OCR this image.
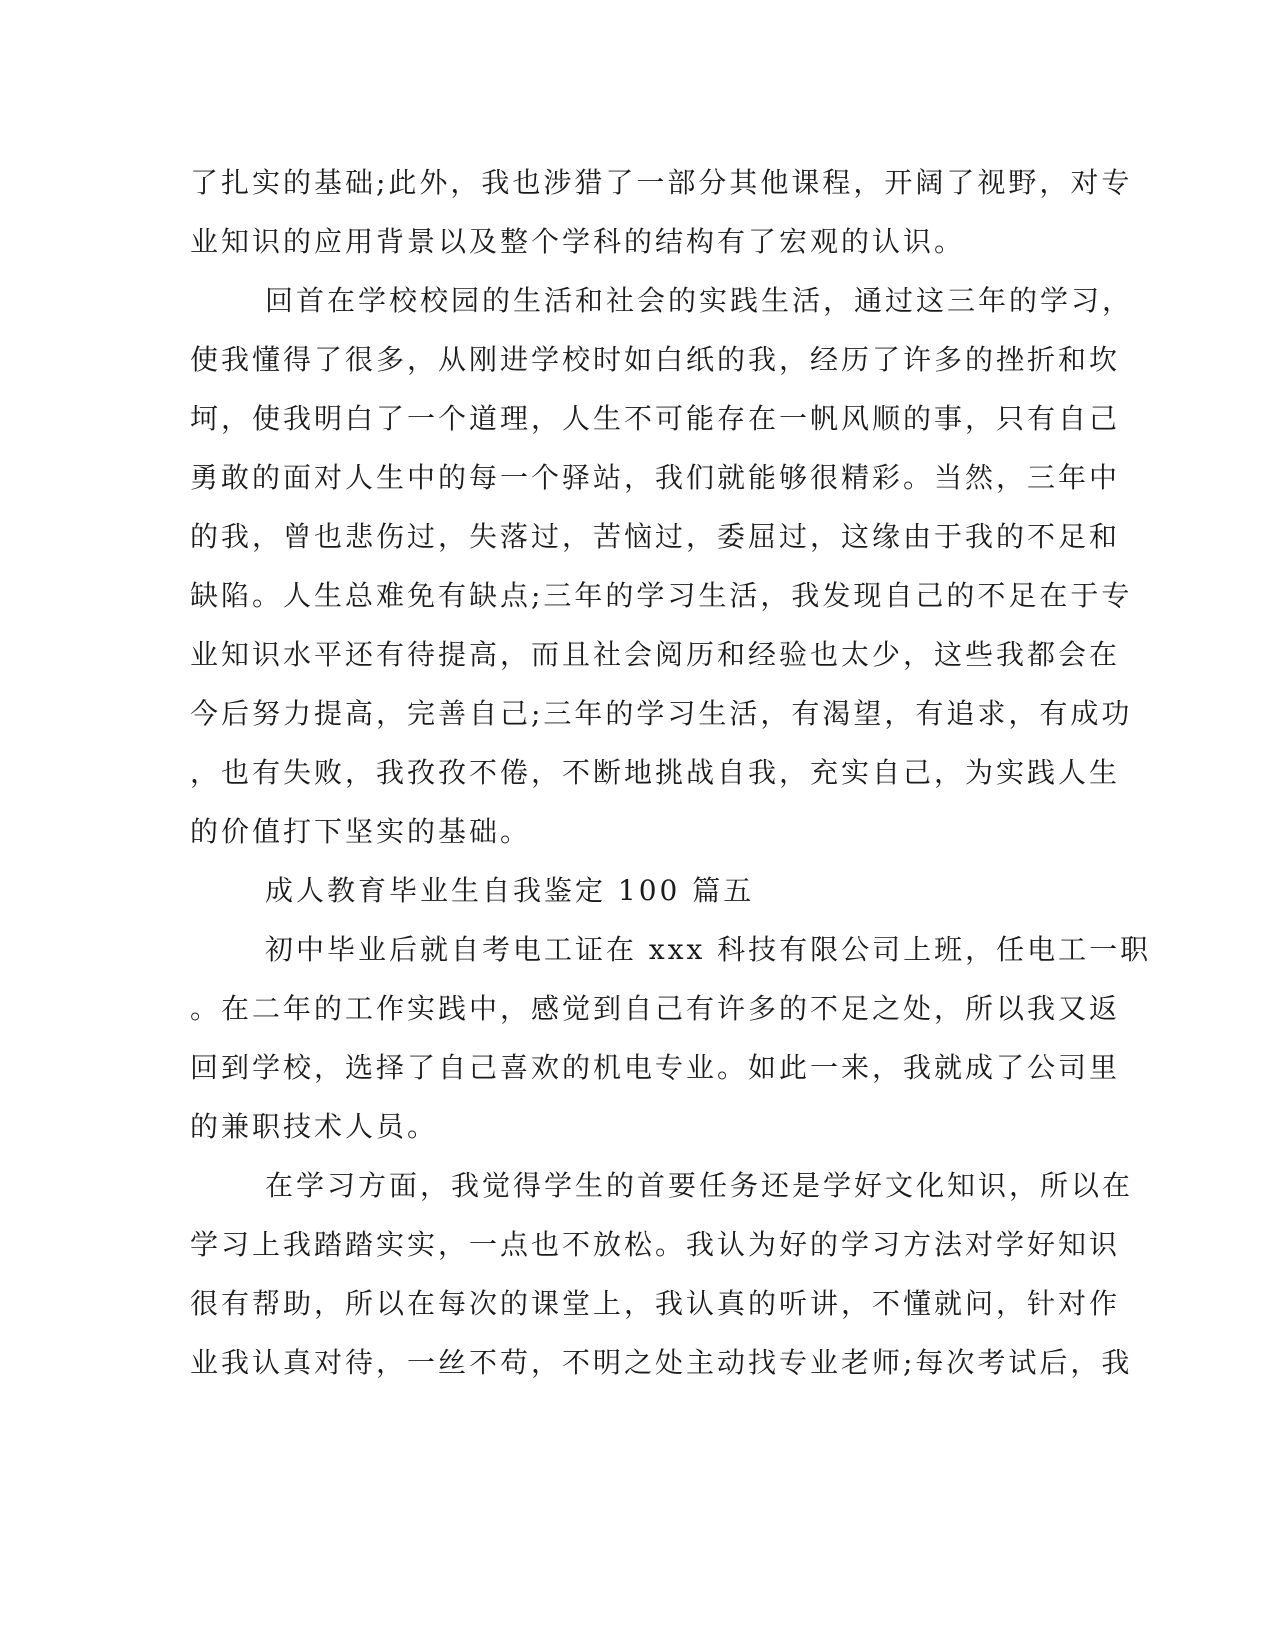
了扎实的基础;此外，我也涉猎了一部分其他课程，开阔了视野，对专
业知识的应用背景以及整个学科的结构有了宏观的认识。
回首在学校校园的生活和社会的实践生活，通过这三年的学习，
使我懂得了很多，从刚进学校时如白纸的我，经历了许多的挫折和坎
坷，使我明白了一个道理，人生不可能存在一帆风顺的事，只有自己
勇敢的面对人生中的每一个驿站，我们就能够很精彩。当然，三年中
的我，曾也悲伤过，失落过，苦恼过，委屈过，这缘由于我的不足和
缺陷。人生总难免有缺点;三年的学习生活，我发现自己的不足在于专
业知识水平还有待提高，而且社会阅历和经验也太少，这些我都会在
今后努力提高，完善自己;三年的学习生活，有渴望，有追求，有成功
，也有失败，我孜孜不倦，不断地挑战自我，充实自己，为实践人生
的价值打下坚实的基础。
成人教育毕业生自我鉴定 100 篇五
初中毕业后就自考电工证在 xxx 科技有限公司上班，任电工一职
。在二年的工作实践中，感觉到自己有许多的不足之处，所以我又返
回到学校，选择了自己喜欢的机电专业。如此一来，我就成了公司里
的兼职技术人员。
在学习方面，我觉得学生的首要任务还是学好文化知识，所以在
学习上我踏踏实实，一点也不放松。我认为好的学习方法对学好知识
很有帮助，所以在每次的课堂上，我认真的听讲，不懂就问，针对作
业我认真对待，一丝不苟，不明之处主动找专业老师;每次考试后，我
